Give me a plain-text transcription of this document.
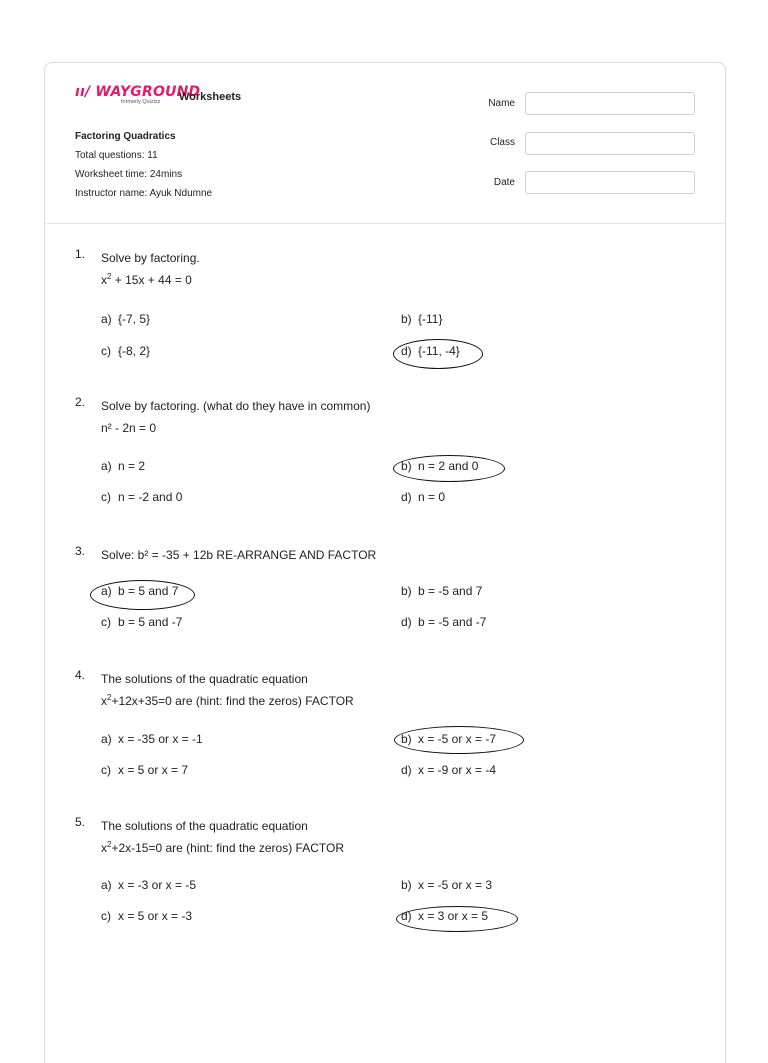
ıı/ WAYGROUND
formerly Quizizz	Worksheets
Factoring Quadratics
Total questions: 11
Worksheet time: 24mins
Instructor name: Ayuk Ndumne
Name
Class
Date
1.	Solve by factoring.
$x^2 + 15x + 44 = 0$
a) {-7, 5}	b) {-11}
c) {-8, 2}	d) {-11, -4}
2.	Solve by factoring. (what do they have in common)
n² - 2n = 0
a) n = 2	b) n = 2 and 0
c) n = -2 and 0	d) n = 0
3.	Solve: b² = -35 + 12b RE-ARRANGE AND FACTOR
a) b = 5 and 7	b) b = -5 and 7
c) b = 5 and -7	d) b = -5 and -7
4.	The solutions of the quadratic equation
$x^2+12x+35=0$ are (hint: find the zeros) FACTOR
a) x = -35 or x = -1	b) x = -5 or x = -7
c) x = 5 or x = 7	d) x = -9 or x = -4
5.	The solutions of the quadratic equation
$x^2+2x-15=0$ are (hint: find the zeros) FACTOR
a) x = -3 or x = -5	b) x = -5 or x = 3
c) x = 5 or x = -3	d) x = 3 or x = 5
